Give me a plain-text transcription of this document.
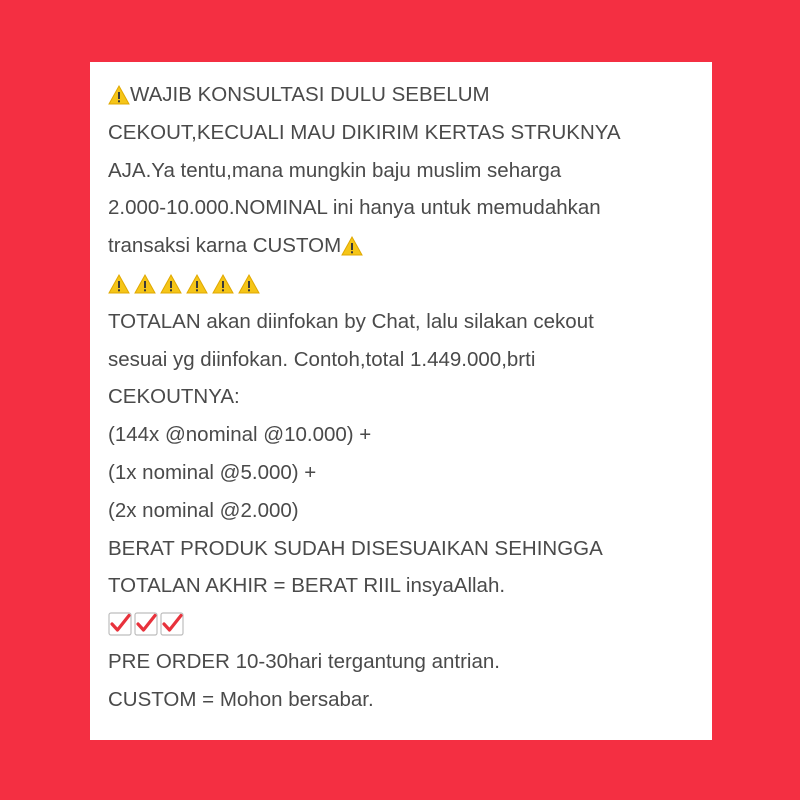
WAJIB KONSULTASI DULU SEBELUM
CEKOUT,KECUALI MAU DIKIRIM KERTAS STRUKNYA
AJA.Ya tentu,mana mungkin baju muslim seharga
2.000-10.000.NOMINAL ini hanya untuk memudahkan
transaksi karna CUSTOM
TOTALAN akan diinfokan by Chat, lalu silakan cekout
sesuai yg diinfokan. Contoh,total 1.449.000,brti
CEKOUTNYA:
(144x @nominal @10.000) +
(1x nominal @5.000) +
(2x nominal @2.000)
BERAT PRODUK SUDAH DISESUAIKAN SEHINGGA
TOTALAN AKHIR = BERAT RIIL insyaAllah.
PRE ORDER 10-30hari tergantung antrian.
CUSTOM = Mohon bersabar.
